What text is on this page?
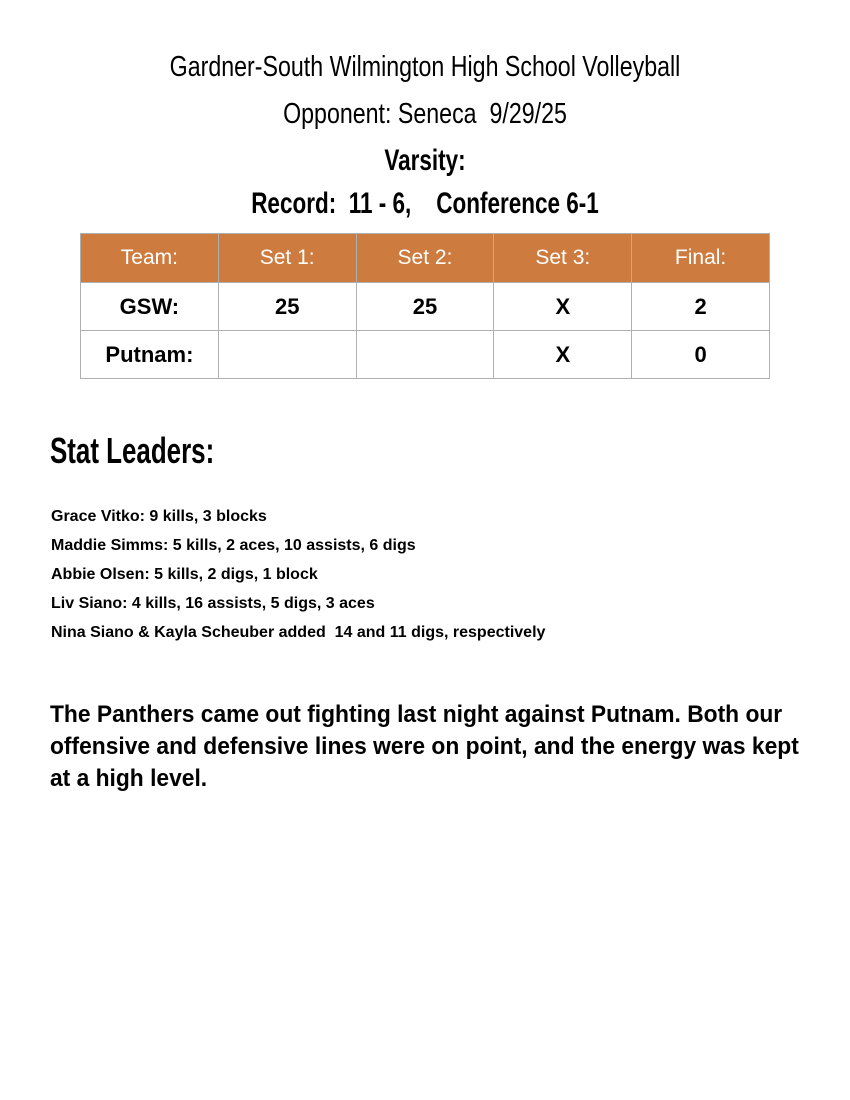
Gardner-South Wilmington High School Volleyball
Opponent: Seneca  9/29/25
Varsity:
Record:  11 - 6,    Conference 6-1
Team:	Set 1:	Set 2:	Set 3:	Final:
GSW:	25	25	X	2
Putnam:			X	0
Stat Leaders:
Grace Vitko: 9 kills, 3 blocks
Maddie Simms: 5 kills, 2 aces, 10 assists, 6 digs
Abbie Olsen: 5 kills, 2 digs, 1 block
Liv Siano: 4 kills, 16 assists, 5 digs, 3 aces
Nina Siano & Kayla Scheuber added  14 and 11 digs, respectively
The Panthers came out fighting last night against Putnam. Both our offensive and defensive lines were on point, and the energy was kept at a high level.
